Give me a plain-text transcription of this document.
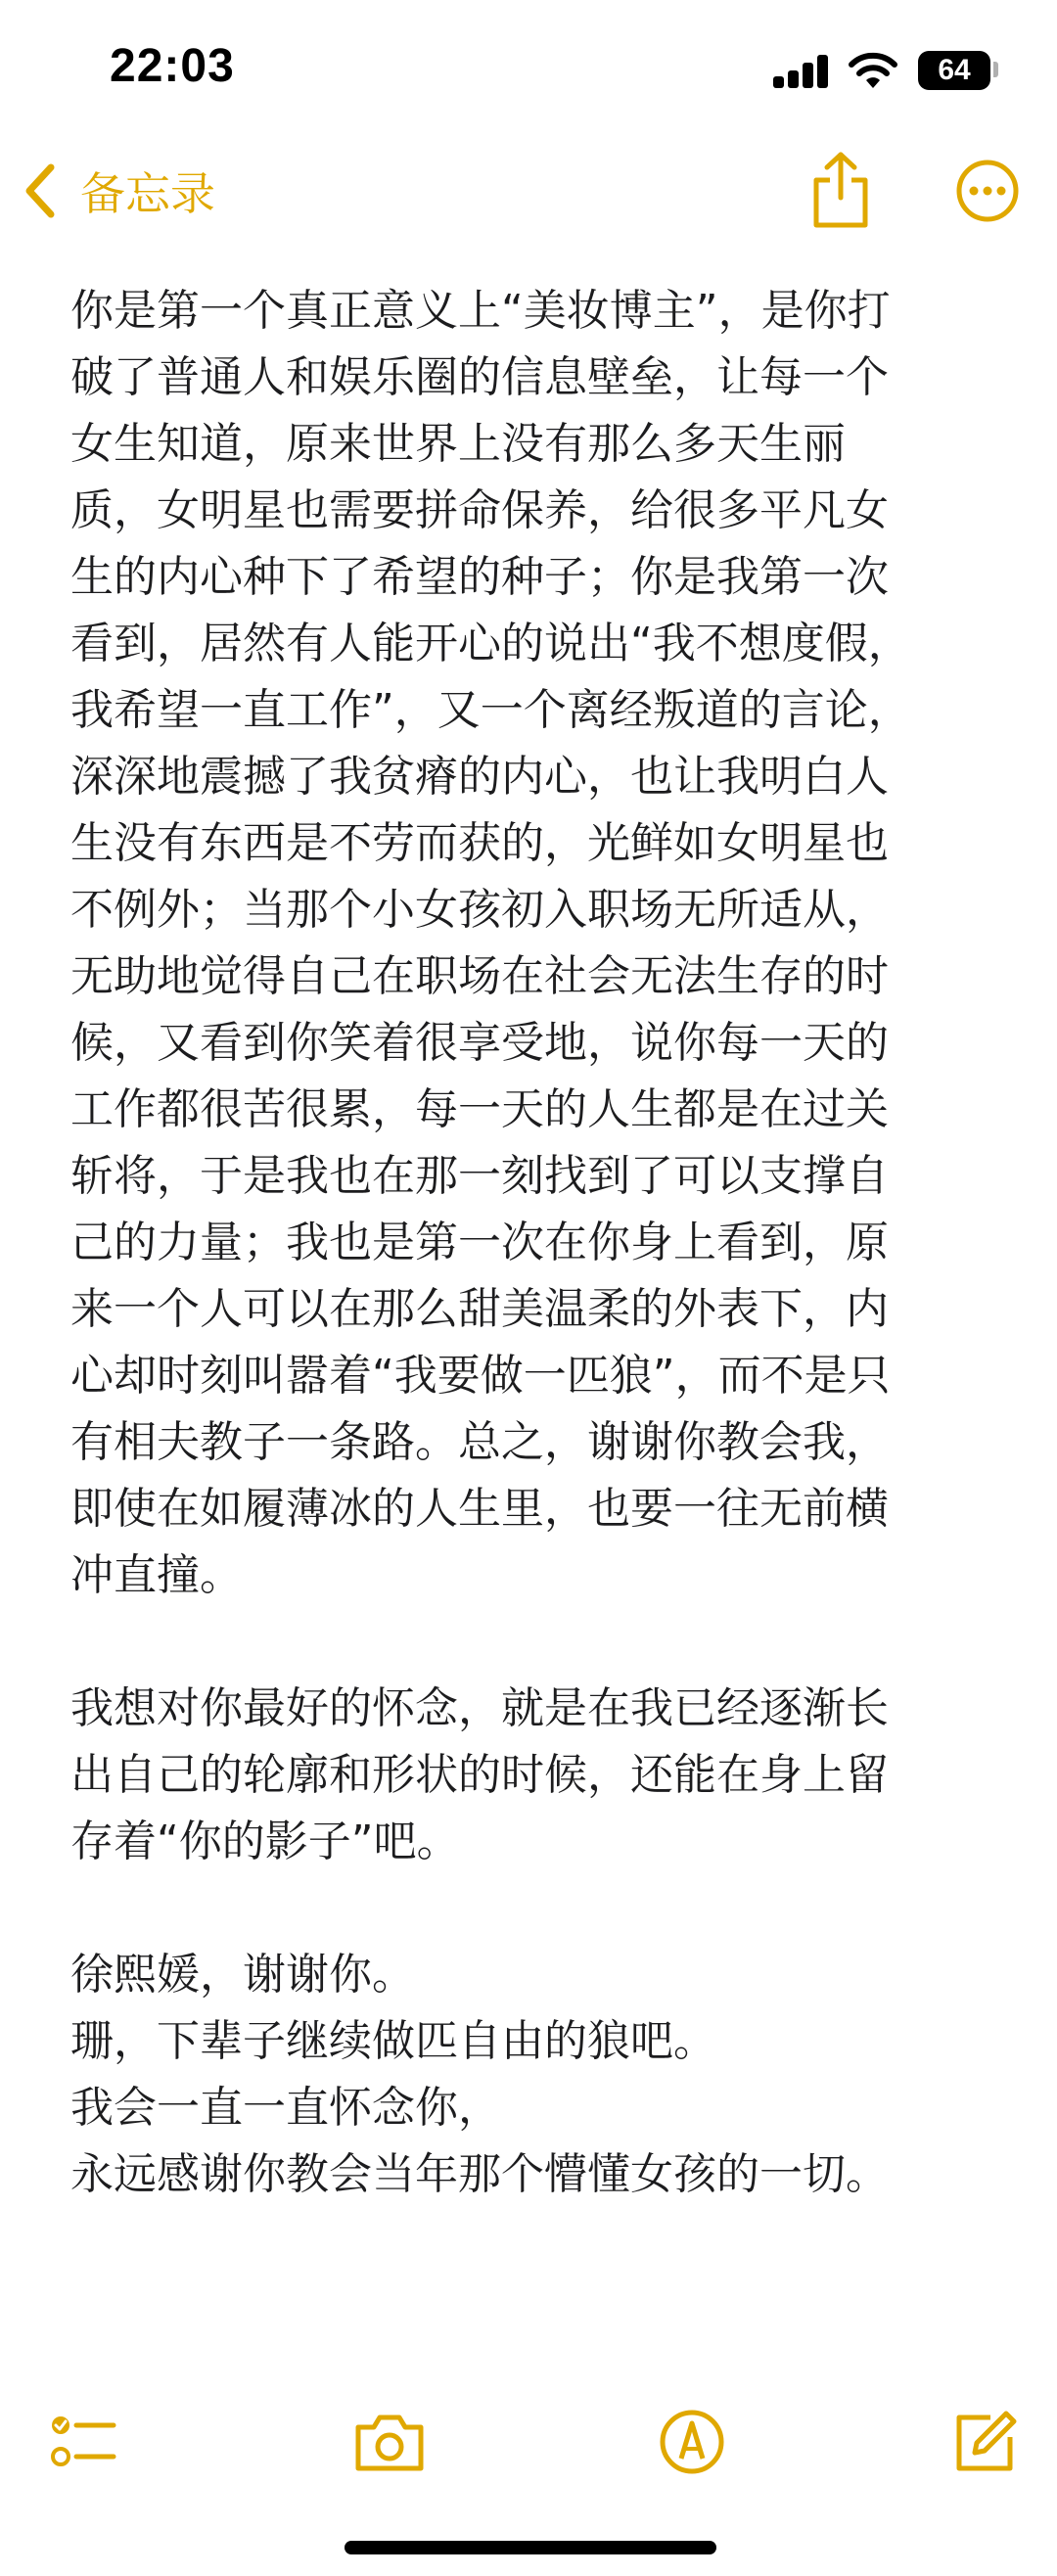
22:03	64
备忘录
你是第一个真正意义上“美妆博主”，是你打
破了普通人和娱乐圈的信息壁垒，让每一个
女生知道，原来世界上没有那么多天生丽
质，女明星也需要拼命保养，给很多平凡女
生的内心种下了希望的种子；你是我第一次
看到，居然有人能开心的说出“我不想度假，
我希望一直工作”，又一个离经叛道的言论，
深深地震撼了我贫瘠的内心，也让我明白人
生没有东西是不劳而获的，光鲜如女明星也
不例外；当那个小女孩初入职场无所适从，
无助地觉得自己在职场在社会无法生存的时
候，又看到你笑着很享受地，说你每一天的
工作都很苦很累，每一天的人生都是在过关
斩将，于是我也在那一刻找到了可以支撑自
己的力量；我也是第一次在你身上看到，原
来一个人可以在那么甜美温柔的外表下，内
心却时刻叫嚣着“我要做一匹狼”，而不是只
有相夫教子一条路。总之，谢谢你教会我，
即使在如履薄冰的人生里，也要一往无前横
冲直撞。
我想对你最好的怀念，就是在我已经逐渐长
出自己的轮廓和形状的时候，还能在身上留
存着“你的影子”吧。
徐熙媛，谢谢你。
珊，下辈子继续做匹自由的狼吧。
我会一直一直怀念你，
永远感谢你教会当年那个懵懂女孩的一切。
